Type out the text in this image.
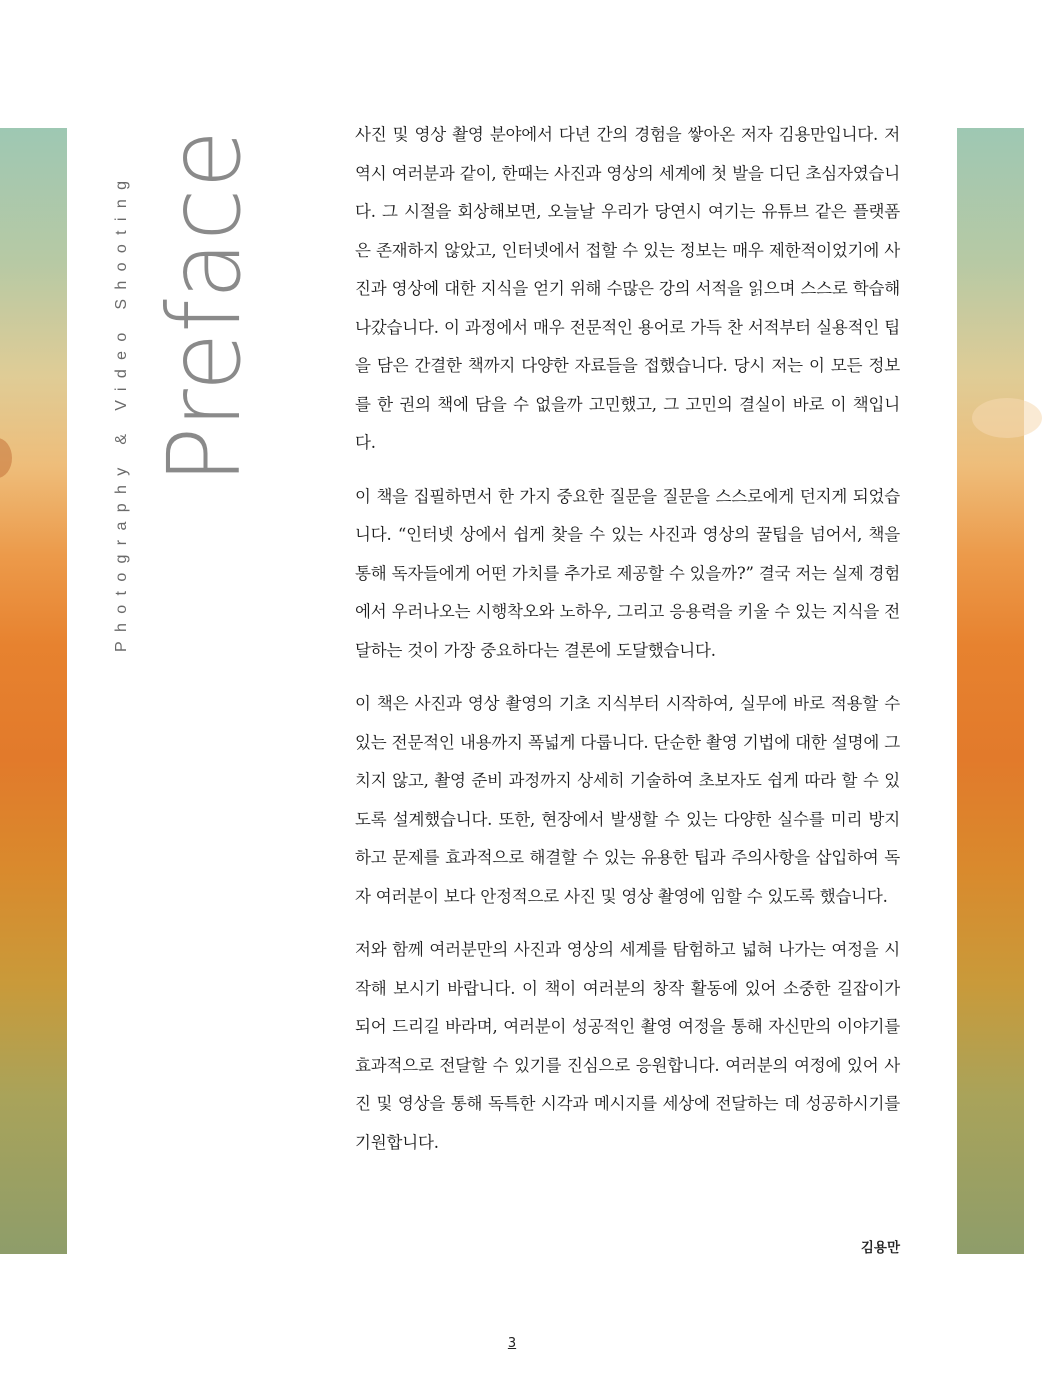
Photography & Video Shooting Preface	사진 및 영상 촬영 분야에서 다년 간의 경험을 쌓아온 저자 김용만입니다. 저 역시 여러분과 같이, 한때는 사진과 영상의 세계에 첫 발을 디딘 초심자였습니다. 그 시절을 회상해보면, 오늘날 우리가 당연시 여기는 유튜브 같은 플랫폼은 존재하지 않았고, 인터넷에서 접할 수 있는 정보는 매우 제한적이었기에 사진과 영상에 대한 지식을 얻기 위해 수많은 강의 서적을 읽으며 스스로 학습해 나갔습니다. 이 과정에서 매우 전문적인 용어로 가득 찬 서적부터 실용적인 팁을 담은 간결한 책까지 다양한 자료들을 접했습니다. 당시 저는 이 모든 정보를 한 권의 책에 담을 수 없을까 고민했고, 그 고민의 결실이 바로 이 책입니다.

이 책을 집필하면서 한 가지 중요한 질문을 질문을 스스로에게 던지게 되었습니다. “인터넷 상에서 쉽게 찾을 수 있는 사진과 영상의 꿀팁을 넘어서, 책을 통해 독자들에게 어떤 가치를 추가로 제공할 수 있을까?” 결국 저는 실제 경험에서 우러나오는 시행착오와 노하우, 그리고 응용력을 키울 수 있는 지식을 전달하는 것이 가장 중요하다는 결론에 도달했습니다.

이 책은 사진과 영상 촬영의 기초 지식부터 시작하여, 실무에 바로 적용할 수 있는 전문적인 내용까지 폭넓게 다룹니다. 단순한 촬영 기법에 대한 설명에 그치지 않고, 촬영 준비 과정까지 상세히 기술하여 초보자도 쉽게 따라 할 수 있도록 설계했습니다. 또한, 현장에서 발생할 수 있는 다양한 실수를 미리 방지하고 문제를 효과적으로 해결할 수 있는 유용한 팁과 주의사항을 삽입하여 독자 여러분이 보다 안정적으로 사진 및 영상 촬영에 임할 수 있도록 했습니다.

저와 함께 여러분만의 사진과 영상의 세계를 탐험하고 넓혀 나가는 여정을 시작해 보시기 바랍니다. 이 책이 여러분의 창작 활동에 있어 소중한 길잡이가 되어 드리길 바라며, 여러분이 성공적인 촬영 여정을 통해 자신만의 이야기를 효과적으로 전달할 수 있기를 진심으로 응원합니다. 여러분의 여정에 있어 사진 및 영상을 통해 독특한 시각과 메시지를 세상에 전달하는 데 성공하시기를 기원합니다.

김용만
3
